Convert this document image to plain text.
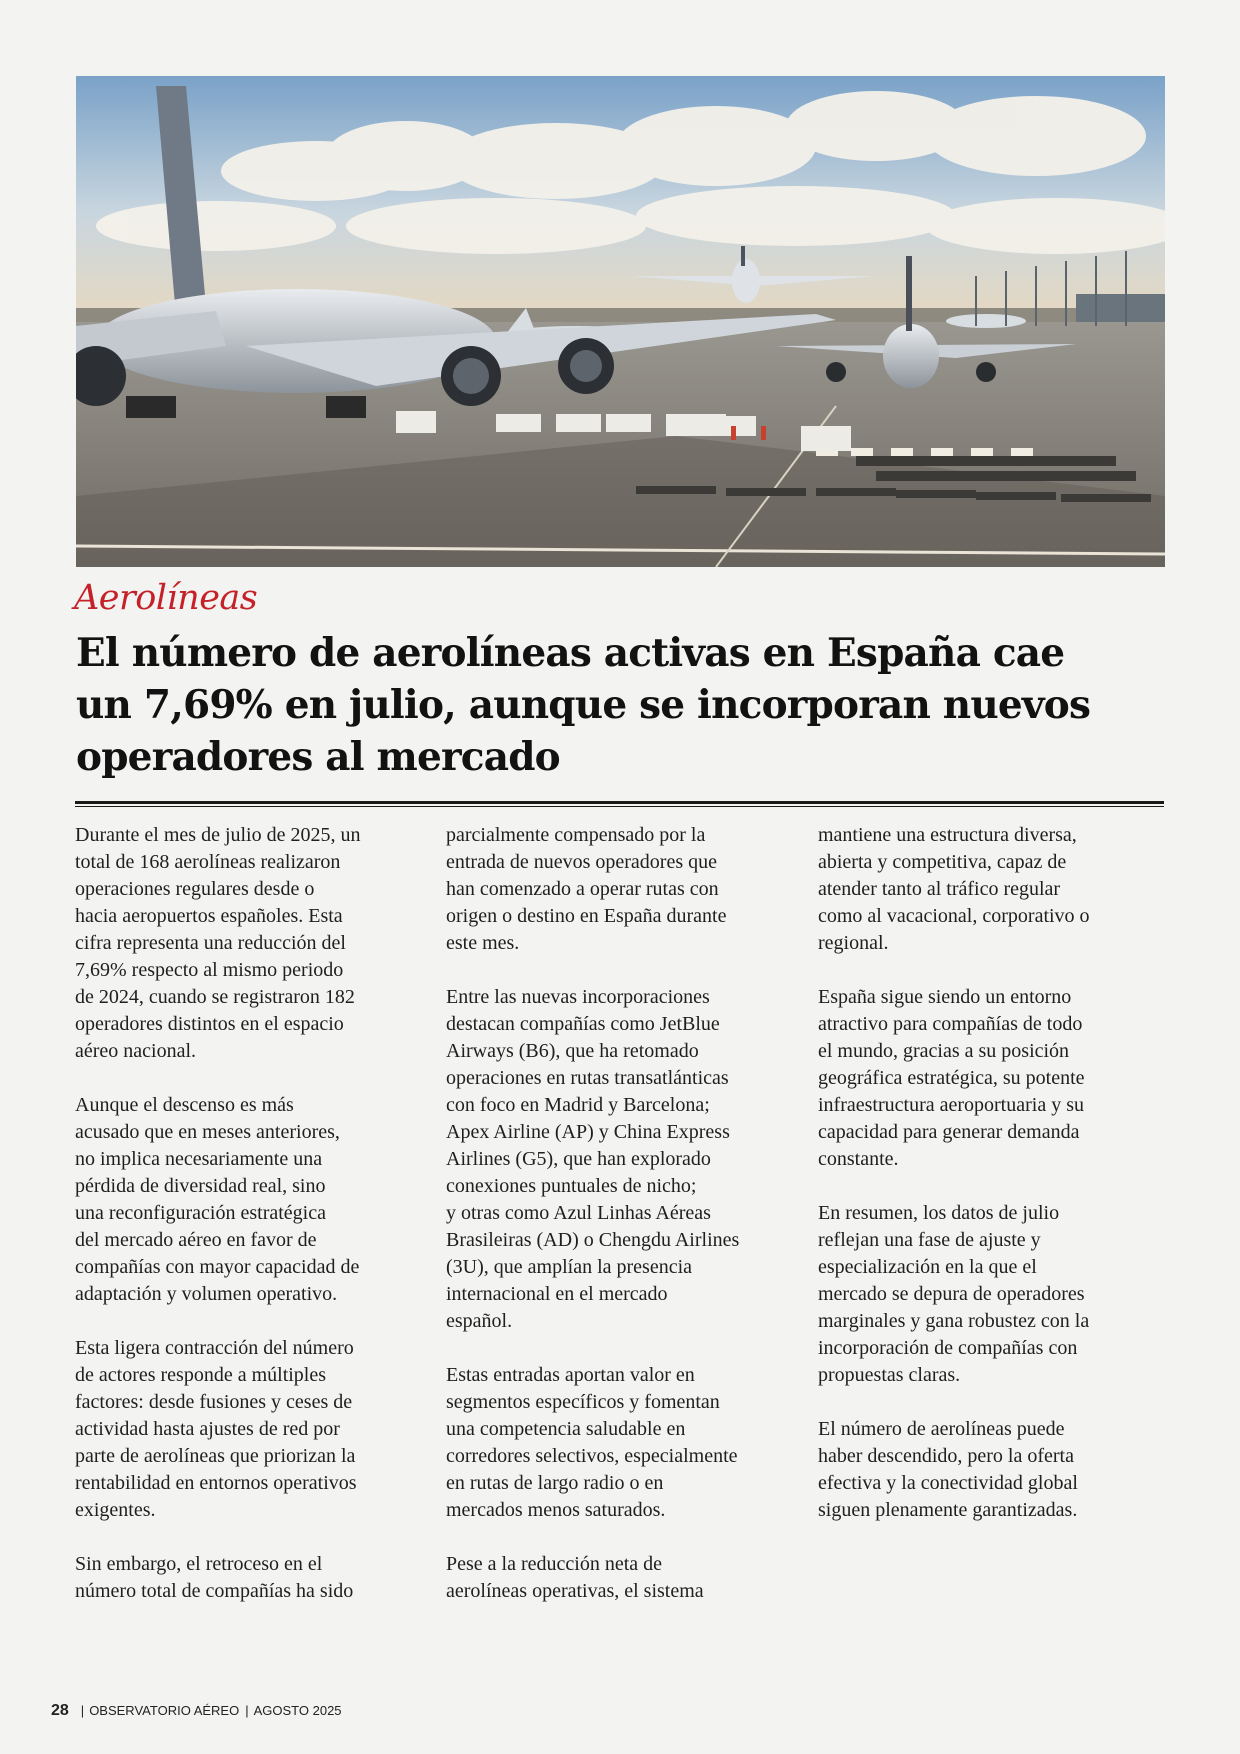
Aerolíneas
El número de aerolíneas activas en España cae
un 7,69% en julio, aunque se incorporan nuevos
operadores al mercado

Durante el mes de julio de 2025, un
total de 168 aerolíneas realizaron
operaciones regulares desde o
hacia aeropuertos españoles. Esta
cifra representa una reducción del
7,69% respecto al mismo periodo
de 2024, cuando se registraron 182
operadores distintos en el espacio
aéreo nacional.

Aunque el descenso es más
acusado que en meses anteriores,
no implica necesariamente una
pérdida de diversidad real, sino
una reconfiguración estratégica
del mercado aéreo en favor de
compañías con mayor capacidad de
adaptación y volumen operativo.

Esta ligera contracción del número
de actores responde a múltiples
factores: desde fusiones y ceses de
actividad hasta ajustes de red por
parte de aerolíneas que priorizan la
rentabilidad en entornos operativos
exigentes.

Sin embargo, el retroceso en el
número total de compañías ha sido

parcialmente compensado por la
entrada de nuevos operadores que
han comenzado a operar rutas con
origen o destino en España durante
este mes.

Entre las nuevas incorporaciones
destacan compañías como JetBlue
Airways (B6), que ha retomado
operaciones en rutas transatlánticas
con foco en Madrid y Barcelona;
Apex Airline (AP) y China Express
Airlines (G5), que han explorado
conexiones puntuales de nicho;
y otras como Azul Linhas Aéreas
Brasileiras (AD) o Chengdu Airlines
(3U), que amplían la presencia
internacional en el mercado
español.

Estas entradas aportan valor en
segmentos específicos y fomentan
una competencia saludable en
corredores selectivos, especialmente
en rutas de largo radio o en
mercados menos saturados.

Pese a la reducción neta de
aerolíneas operativas, el sistema

mantiene una estructura diversa,
abierta y competitiva, capaz de
atender tanto al tráfico regular
como al vacacional, corporativo o
regional.

España sigue siendo un entorno
atractivo para compañías de todo
el mundo, gracias a su posición
geográfica estratégica, su potente
infraestructura aeroportuaria y su
capacidad para generar demanda
constante.

En resumen, los datos de julio
reflejan una fase de ajuste y
especialización en la que el
mercado se depura de operadores
marginales y gana robustez con la
incorporación de compañías con
propuestas claras.

El número de aerolíneas puede
haber descendido, pero la oferta
efectiva y la conectividad global
siguen plenamente garantizadas.

28 | OBSERVATORIO AÉREO | AGOSTO 2025
